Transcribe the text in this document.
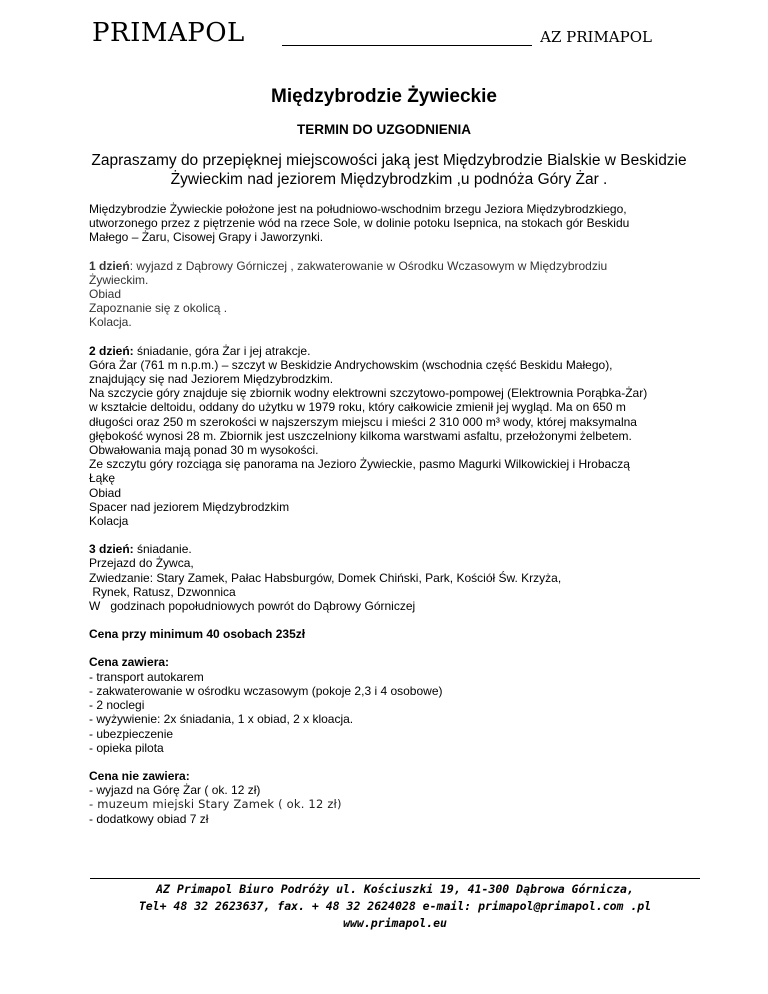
PRIMAPOL	AZ PRIMAPOL
Międzybrodzie Żywieckie
TERMIN DO UZGODNIENIA
Zapraszamy do przepięknej miejscowości jaką jest Międzybrodzie Bialskie w Beskidzie
Żywieckim nad jeziorem Międzybrodzkim ,u podnóża Góry Żar .
Międzybrodzie Żywieckie położone jest na południowo-wschodnim brzegu Jeziora Międzybrodzkiego,
utworzonego przez z piętrzenie wód na rzece Sole, w dolinie potoku Isepnica, na stokach gór Beskidu
Małego – Żaru, Cisowej Grapy i Jaworzynki.
1 dzień: wyjazd z Dąbrowy Górniczej , zakwaterowanie w Ośrodku Wczasowym w Międzybrodziu
Żywieckim.
Obiad
Zapoznanie się z okolicą .
Kolacja.
2 dzień: śniadanie, góra Żar i jej atrakcje.
Góra Żar (761 m n.p.m.) – szczyt w Beskidzie Andrychowskim (wschodnia część Beskidu Małego),
znajdujący się nad Jeziorem Międzybrodzkim.
Na szczycie góry znajduje się zbiornik wodny elektrowni szczytowo-pompowej (Elektrownia Porąbka-Żar)
w kształcie deltoidu, oddany do użytku w 1979 roku, który całkowicie zmienił jej wygląd. Ma on 650 m
długości oraz 250 m szerokości w najszerszym miejscu i mieści 2 310 000 m³ wody, której maksymalna
głębokość wynosi 28 m. Zbiornik jest uszczelniony kilkoma warstwami asfaltu, przełożonymi żelbetem.
Obwałowania mają ponad 30 m wysokości.
Ze szczytu góry rozciąga się panorama na Jezioro Żywieckie, pasmo Magurki Wilkowickiej i Hrobaczą
Łąkę
Obiad
Spacer nad jeziorem Międzybrodzkim
Kolacja
3 dzień: śniadanie.
Przejazd do Żywca,
Zwiedzanie: Stary Zamek, Pałac Habsburgów, Domek Chiński, Park, Kościół Św. Krzyża,
Rynek, Ratusz, Dzwonnica
W   godzinach popołudniowych powrót do Dąbrowy Górniczej
Cena przy minimum 40 osobach 235zł
Cena zawiera:
- transport autokarem
- zakwaterowanie w ośrodku wczasowym (pokoje 2,3 i 4 osobowe)
- 2 noclegi
- wyżywienie: 2x śniadania, 1 x obiad, 2 x kloacja.
- ubezpieczenie
- opieka pilota
Cena nie zawiera:
- wyjazd na Górę Żar ( ok. 12 zł)
- muzeum miejski Stary Zamek ( ok. 12 zł)
- dodatkowy obiad 7 zł
AZ Primapol Biuro Podróży ul. Kościuszki 19, 41-300 Dąbrowa Górnicza,
Tel+ 48 32 2623637, fax. + 48 32 2624028 e-mail: primapol@primapol.com .pl
www.primapol.eu
